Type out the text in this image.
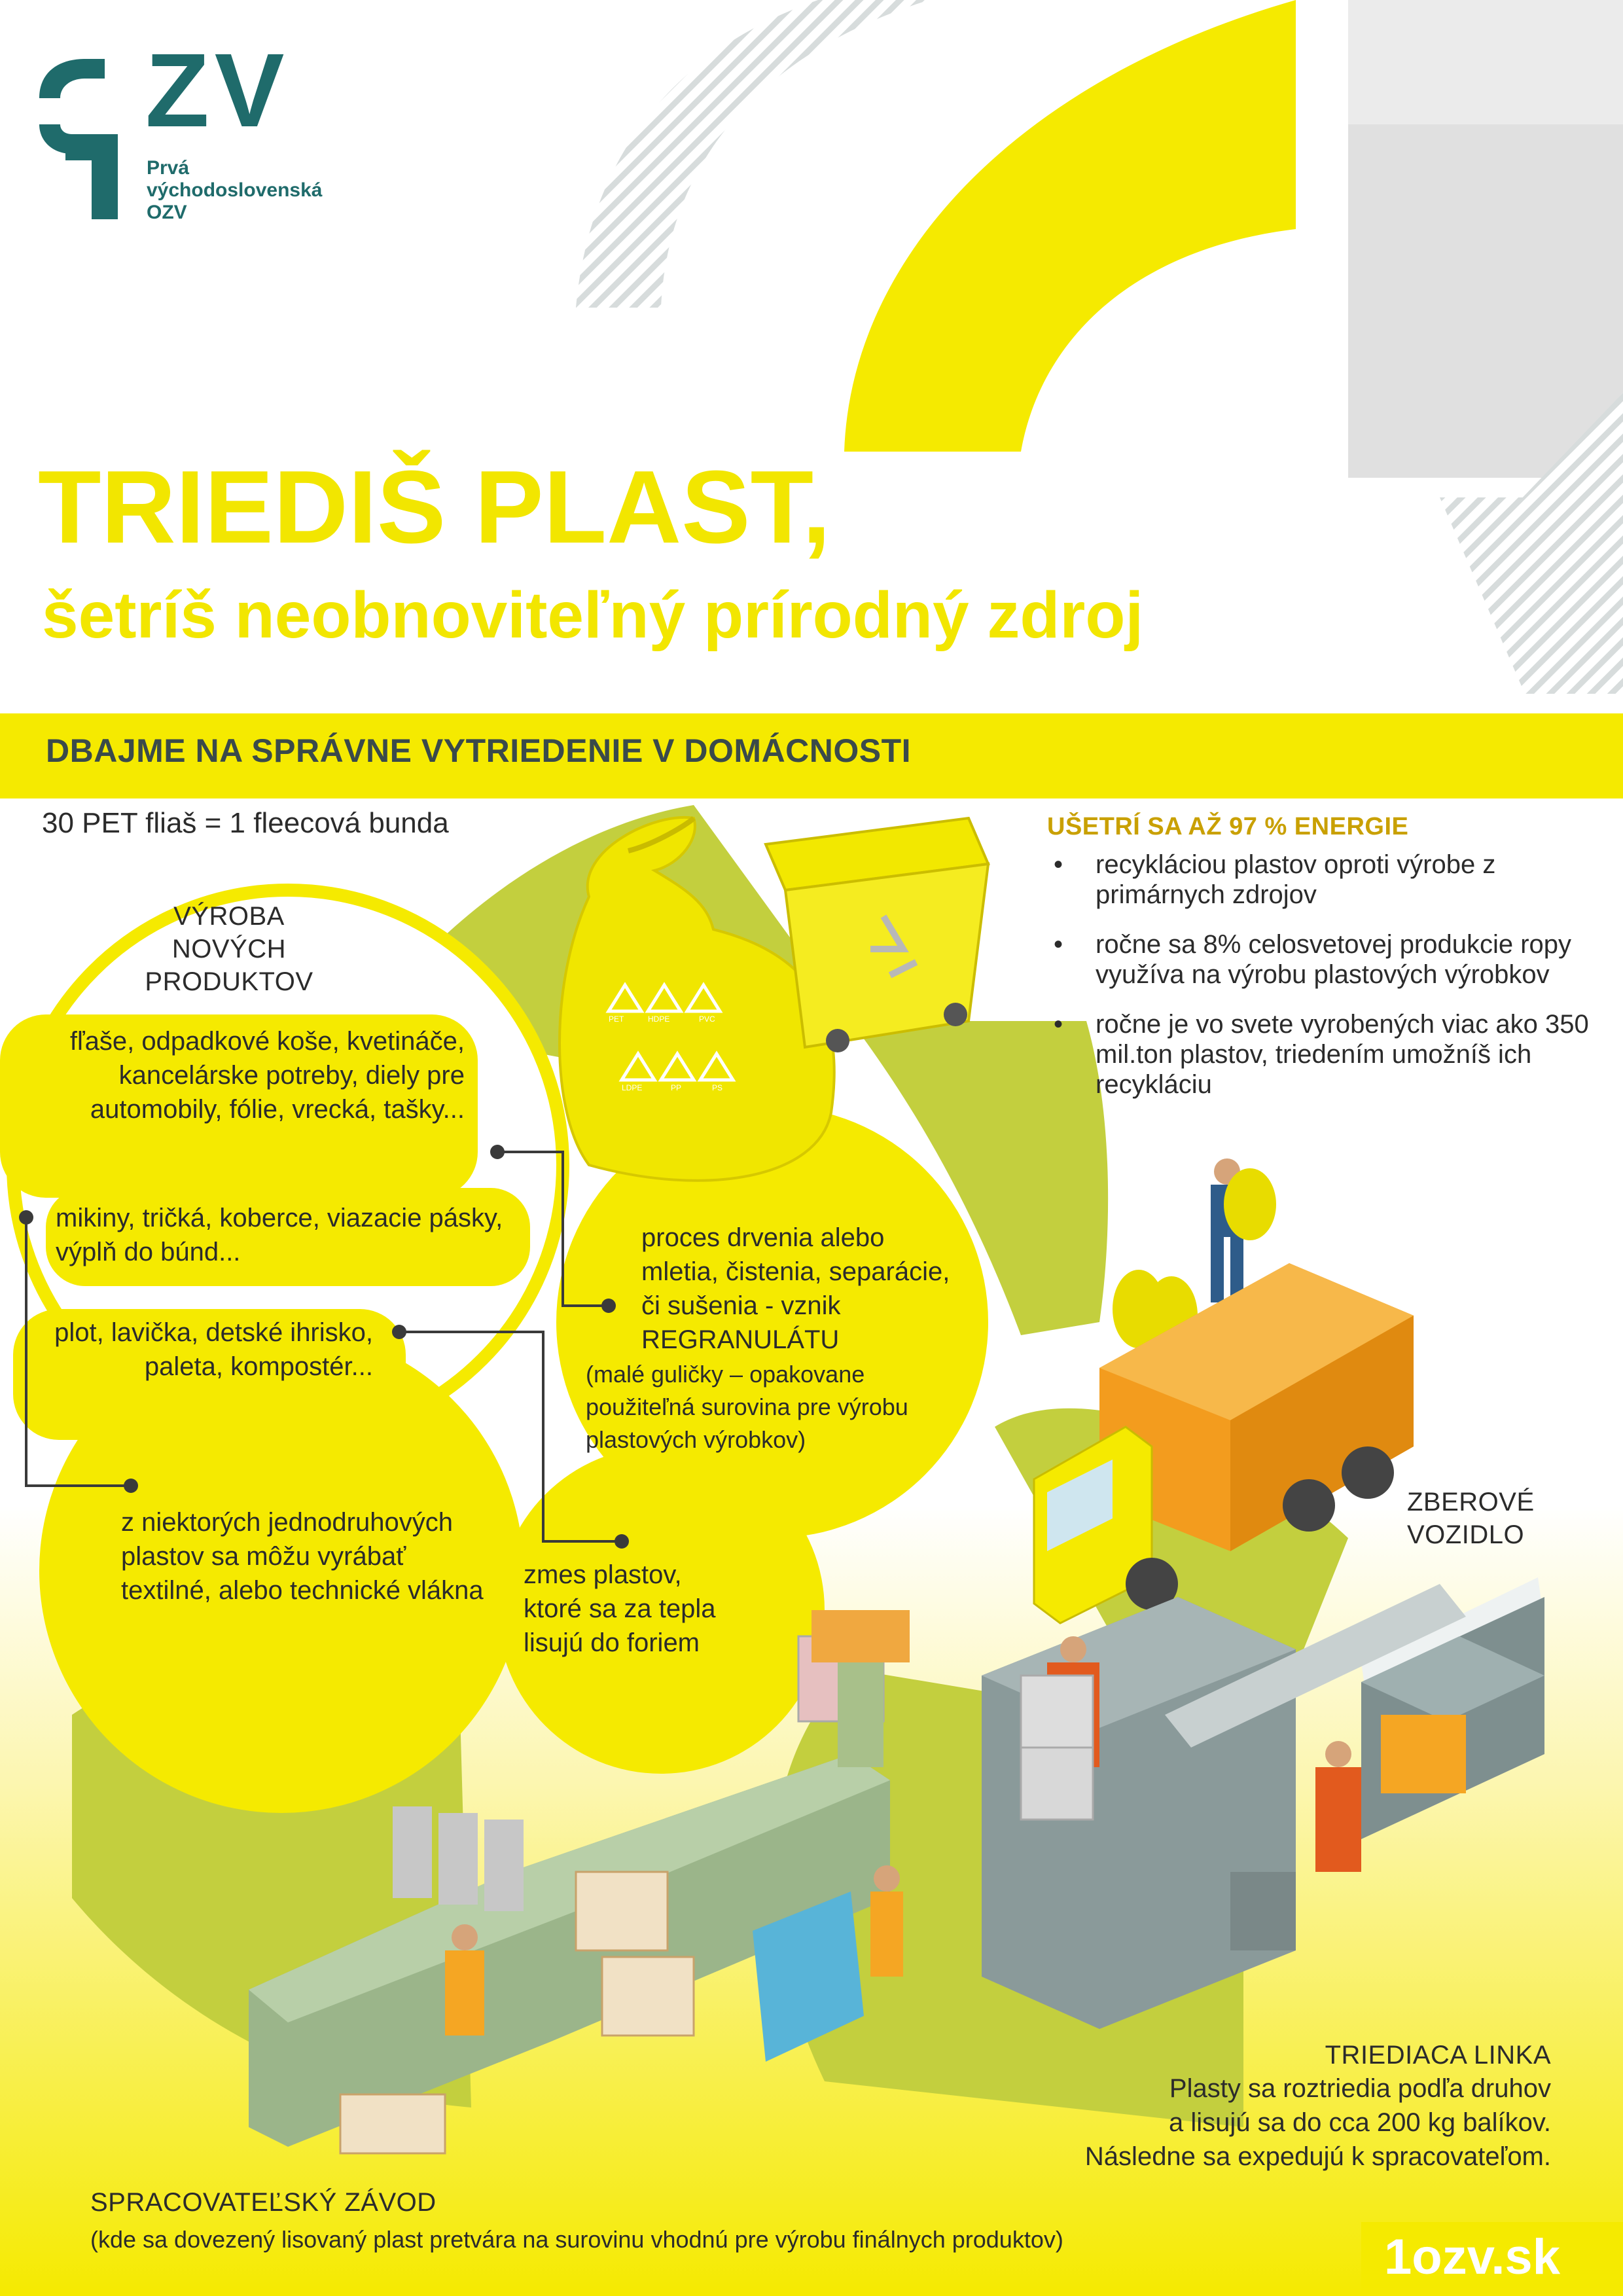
ZV
Prvá
východoslovenská
OZV
TRIEDIŠ PLAST,
šetríš neobnoviteľný prírodný zdroj
DBAJME NA SPRÁVNE VYTRIEDENIE V DOMÁCNOSTI
30 PET fliaš = 1 fleecová bunda	UŠETRÍ SA AŽ 97 % ENERGIE
• recykláciou plastov oproti výrobe z primárnych zdrojov
• ročne sa 8% celosvetovej produkcie ropy využíva na výrobu plastových výrobkov
• ročne je vo svete vyrobených viac ako 350 mil.ton plastov, triedením umožníš ich recykláciu
VÝROBA
NOVÝCH
PRODUKTOV
fľaše, odpadkové koše, kvetináče, kancelárske potreby, diely pre automobily, fólie, vrecká, tašky...
mikiny, tričká, koberce, viazacie pásky, výplň do búnd...
plot, lavička, detské ihrisko, paleta, kompostér...
z niektorých jednodruhových plastov sa môžu vyrábať textilné, alebo technické vlákna
zmes plastov, ktoré sa za tepla lisujú do foriem
proces drvenia alebo mletia, čistenia, separácie, či sušenia - vznik REGRANULÁTU
(malé guličky – opakovane použiteľná surovina pre výrobu plastových výrobkov)
PET	HDPE	PVC
LDPE	PP	PS
ZBEROVÉ
VOZIDLO
TRIEDIACA LINKA
Plasty sa roztriedia podľa druhov
a lisujú sa do cca 200 kg balíkov.
Následne sa expedujú k spracovateľom.
SPRACOVATEĽSKÝ ZÁVOD
(kde sa dovezený lisovaný plast pretvára na surovinu vhodnú pre výrobu finálnych produktov)	1ozv.sk
